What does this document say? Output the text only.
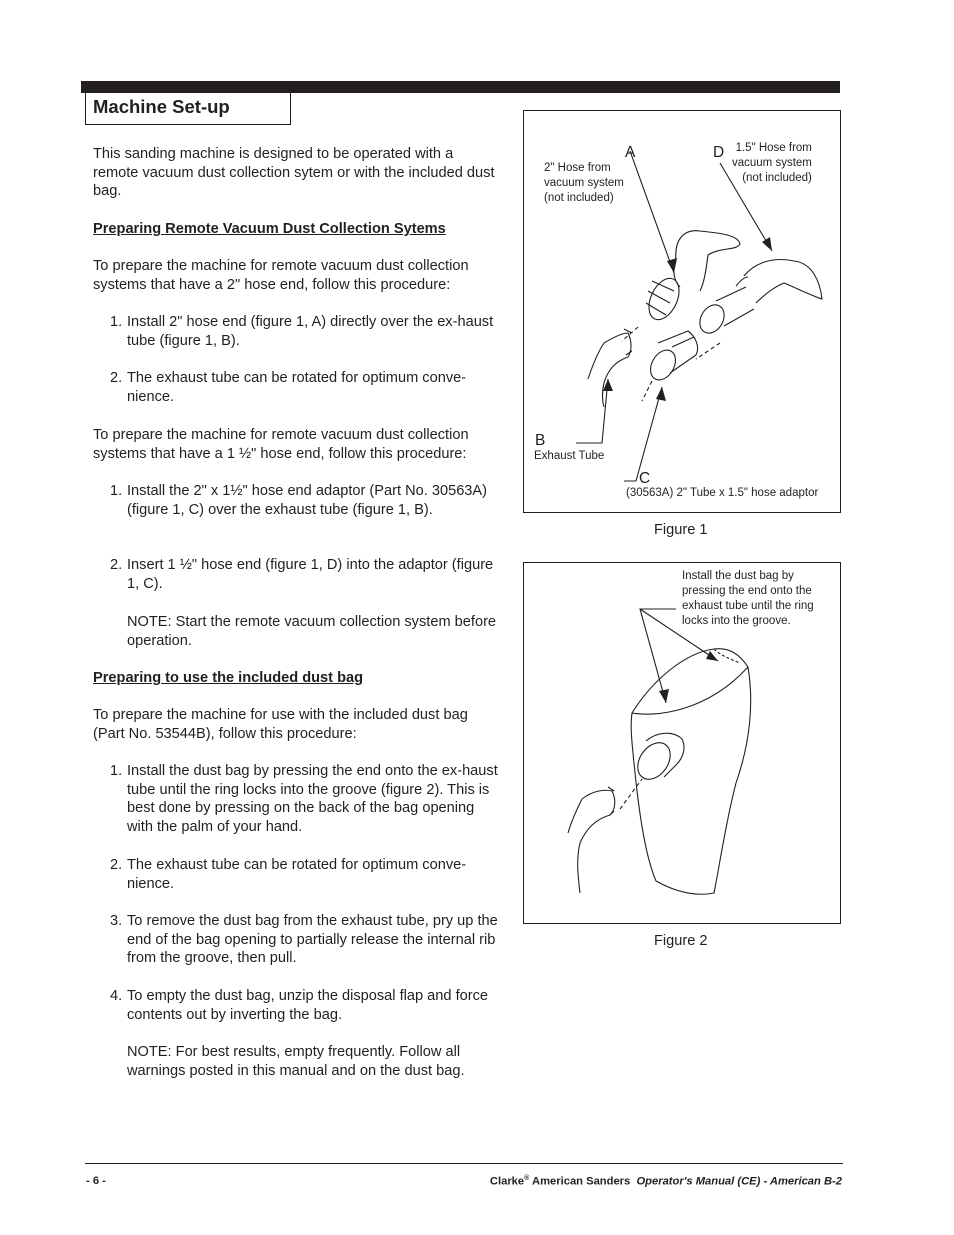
Machine Set-up

This sanding machine is designed to be operated with a remote vacuum dust collection sytem or with the included dust bag.

Preparing Remote Vacuum Dust Collection Sytems

To prepare the machine for remote vacuum dust collection systems that have a 2" hose end, follow this procedure:

1. Install 2" hose end (figure 1, A) directly over the ex-haust tube (figure 1, B).
2. The exhaust tube can be rotated for optimum conve-nience.

To prepare the machine for remote vacuum dust collection systems that have a 1 ½" hose end, follow this procedure:

1. Install the 2" x 1½" hose end adaptor (Part No. 30563A) (figure 1, C) over the exhaust tube (figure 1, B).
2. Insert 1 ½" hose end (figure 1, D) into the adaptor (figure 1, C).

NOTE: Start the remote vacuum collection system before operation.

Preparing to use the included dust bag

To prepare the machine for use with the included dust bag (Part No. 53544B), follow this procedure:

1. Install the dust bag by pressing the end onto the ex-haust tube until the ring locks into the groove (figure 2). This is best done by pressing on the back of the bag opening with the palm of your hand.
2. The exhaust tube can be rotated for optimum conve-nience.
3. To remove the dust bag from the exhaust tube, pry up the end of the bag opening to partially release the internal rib from the groove, then pull.
4. To empty the dust bag, unzip the disposal flap and force contents out by inverting the bag.

NOTE: For best results, empty frequently. Follow all warnings posted in this manual and on the dust bag.

A
2" Hose from
vacuum system
(not included)
D 1.5" Hose from
vacuum system
(not included)
B
Exhaust Tube
C
(30563A) 2" Tube x 1.5" hose adaptor
Figure 1
Install the dust bag by
pressing the end onto the
exhaust tube until the ring
locks into the groove.
Figure 2
- 6 -	Clarke® American Sanders  Operator's Manual (CE) - American B-2
